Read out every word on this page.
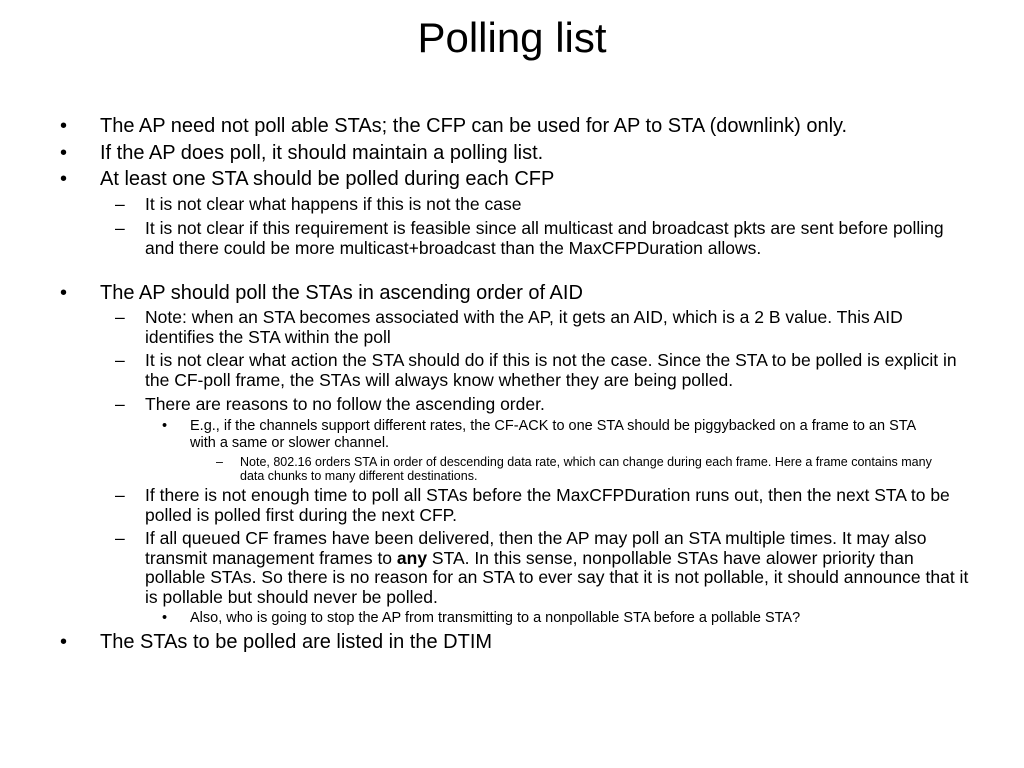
Polling list
•	The AP need not poll able STAs; the CFP can be used for AP to STA (downlink) only.
•	If the AP does poll, it should maintain a polling list.
•	At least one STA should be polled during each CFP
–	It is not clear what happens if this is not the case
–	It is not clear if this requirement is feasible since all multicast and broadcast pkts are sent before polling and there could be more multicast+broadcast than the MaxCFPDuration allows.
•	The AP should poll the STAs in ascending order of AID
–	Note: when an STA becomes associated with the AP, it gets an AID, which is a 2 B value. This AID identifies the STA within the poll
–	It is not clear what action the STA should do if this is not the case. Since the STA to be polled is explicit in the CF-poll frame, the STAs will always know whether they are being polled.
–	There are reasons to no follow the ascending order.
•	E.g., if the channels support different rates, the CF-ACK to one STA should be piggybacked on a frame to an STA with a same or slower channel.
–	Note, 802.16 orders STA in order of descending data rate, which can change during each frame. Here a frame contains many data chunks to many different destinations.
–	If there is not enough time to poll all STAs before the MaxCFPDuration runs out, then the next STA to be polled is polled first during the next CFP.
–	If all queued CF frames have been delivered, then the AP may poll an STA multiple times. It may also transmit management frames to any STA. In this sense, nonpollable STAs have alower priority than pollable STAs. So there is no reason for an STA to ever say that it is not pollable, it should announce that it is pollable but should never be polled.
•	Also, who is going to stop the AP from transmitting to a nonpollable STA before a pollable STA?
•	The STAs to be polled are listed in the DTIM
